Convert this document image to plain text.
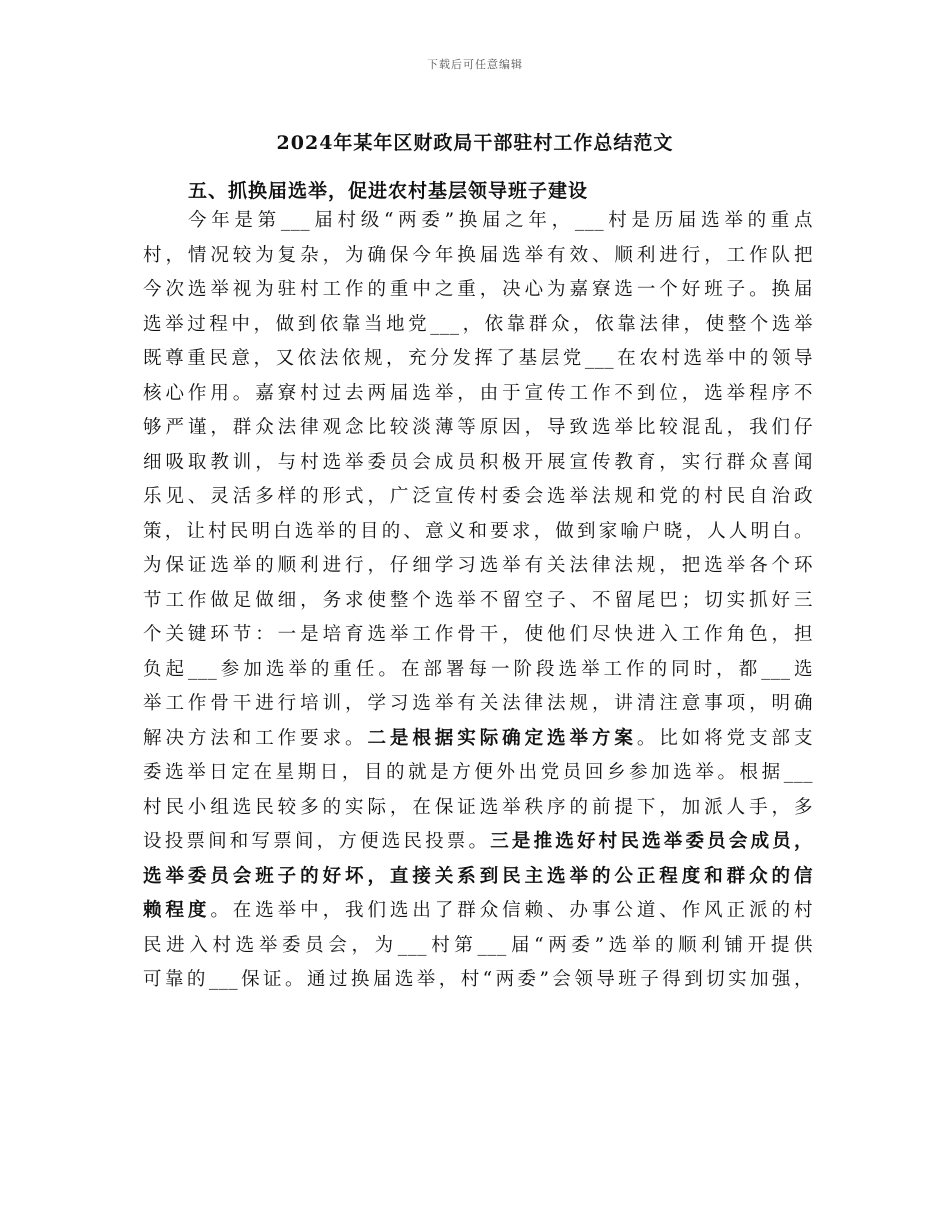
下载后可任意编辑
2024年某年区财政局干部驻村工作总结范文
五、抓换届选举，促进农村基层领导班子建设
今年是第___届村级“两委”换届之年，___村是历届选举的重点
村，情况较为复杂，为确保今年换届选举有效、顺利进行，工作队把
今次选举视为驻村工作的重中之重，决心为嘉寮选一个好班子。换届
选举过程中，做到依靠当地党___，依靠群众，依靠法律，使整个选举
既尊重民意，又依法依规，充分发挥了基层党___在农村选举中的领导
核心作用。嘉寮村过去两届选举，由于宣传工作不到位，选举程序不
够严谨，群众法律观念比较淡薄等原因，导致选举比较混乱，我们仔
细吸取教训，与村选举委员会成员积极开展宣传教育，实行群众喜闻
乐见、灵活多样的形式，广泛宣传村委会选举法规和党的村民自治政
策，让村民明白选举的目的、意义和要求，做到家喻户晓，人人明白。
为保证选举的顺利进行，仔细学习选举有关法律法规，把选举各个环
节工作做足做细，务求使整个选举不留空子、不留尾巴；切实抓好三
个关键环节：一是培育选举工作骨干，使他们尽快进入工作角色，担
负起___参加选举的重任。在部署每一阶段选举工作的同时，都___选
举工作骨干进行培训，学习选举有关法律法规，讲清注意事项，明确
解决方法和工作要求。二是根据实际确定选举方案。比如将党支部支
委选举日定在星期日，目的就是方便外出党员回乡参加选举。根据___
村民小组选民较多的实际，在保证选举秩序的前提下，加派人手，多
设投票间和写票间，方便选民投票。三是推选好村民选举委员会成员，
选举委员会班子的好坏，直接关系到民主选举的公正程度和群众的信
赖程度。在选举中，我们选出了群众信赖、办事公道、作风正派的村
民进入村选举委员会，为___村第___届“两委”选举的顺利铺开提供
可靠的___保证。通过换届选举，村“两委”会领导班子得到切实加强，
